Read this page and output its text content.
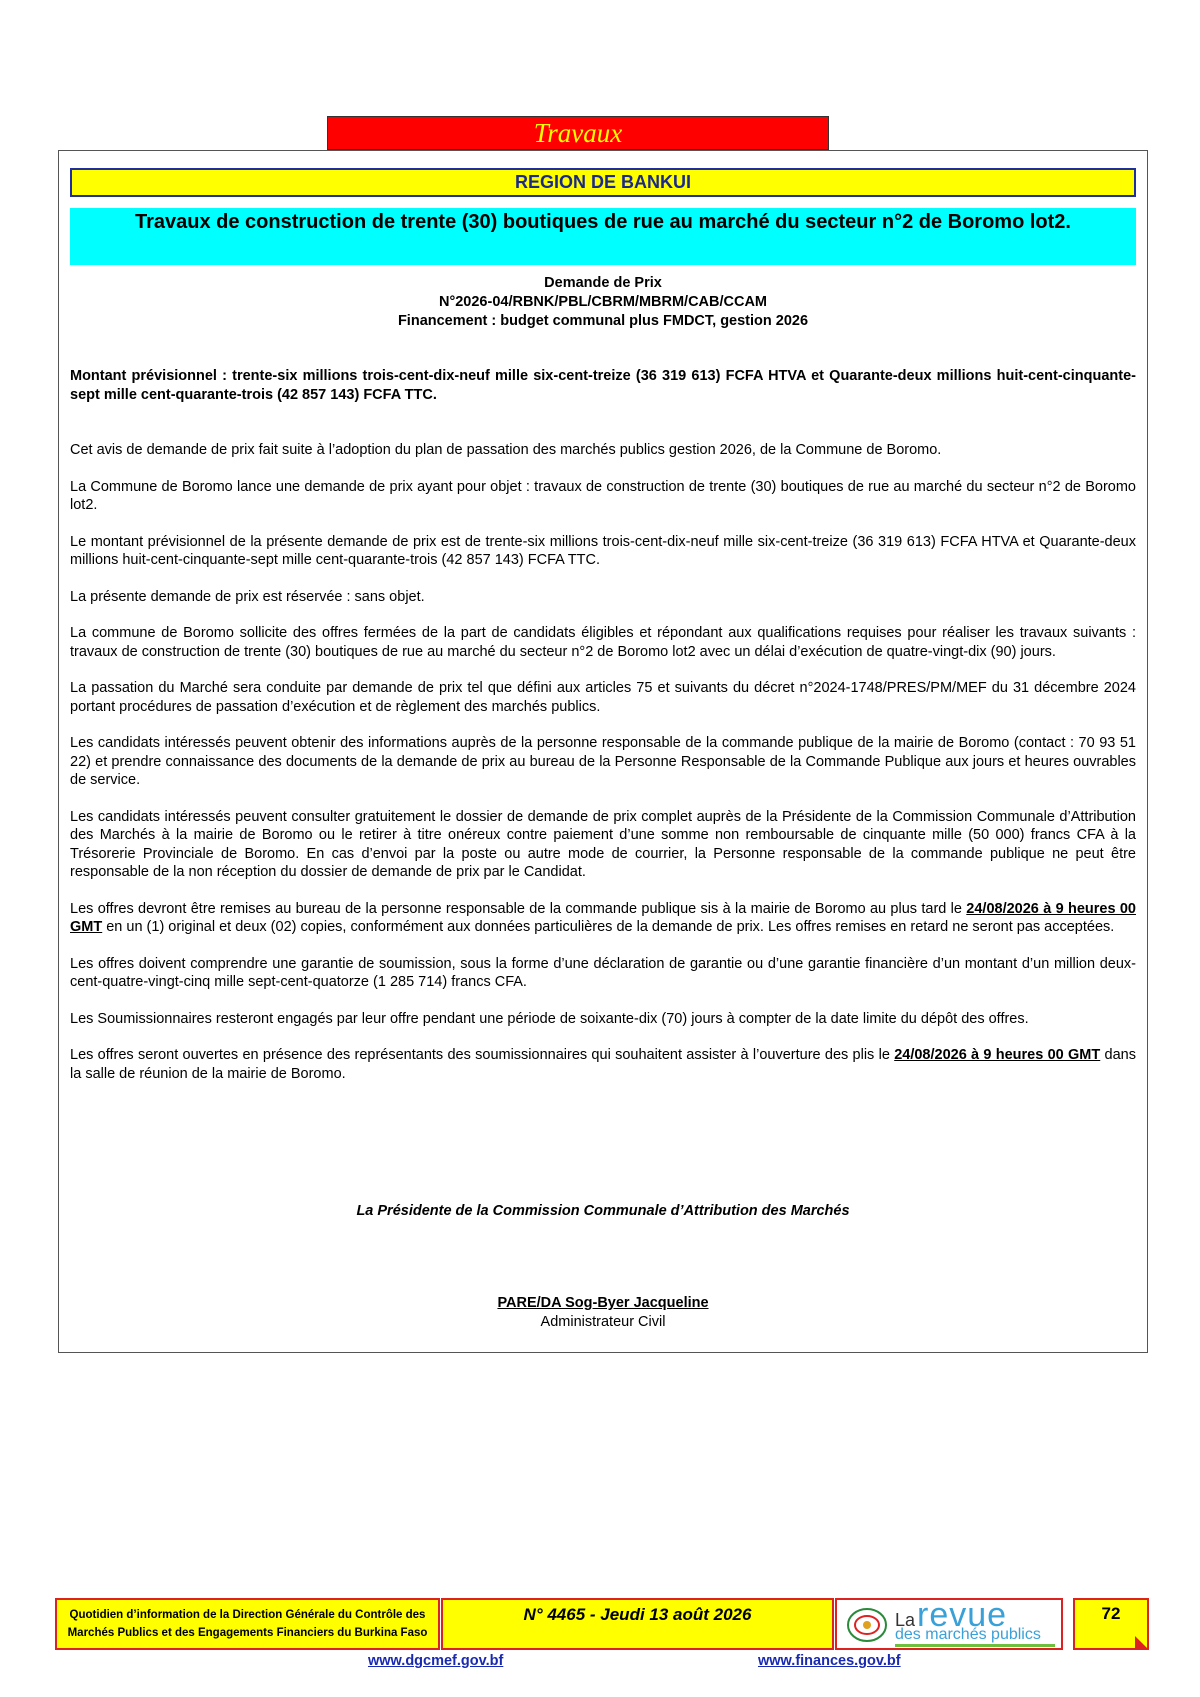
Travaux
REGION DE BANKUI
Travaux de construction de trente (30) boutiques de rue au marché du secteur n°2 de Boromo lot2.
Demande de Prix
N°2026-04/RBNK/PBL/CBRM/MBRM/CAB/CCAM
Financement : budget communal plus FMDCT, gestion 2026

Montant prévisionnel : trente-six millions trois-cent-dix-neuf mille six-cent-treize (36 319 613) FCFA HTVA et Quarante-deux millions huit-cent-cinquante-sept mille cent-quarante-trois (42 857 143) FCFA TTC.

Cet avis de demande de prix fait suite à l’adoption du plan de passation des marchés publics gestion 2026, de la Commune de Boromo.

La Commune de Boromo lance une demande de prix ayant pour objet : travaux de construction de trente (30) boutiques de rue au marché du secteur n°2 de Boromo lot2.

Le montant prévisionnel de la présente demande de prix est de trente-six millions trois-cent-dix-neuf mille six-cent-treize (36 319 613) FCFA HTVA et Quarante-deux millions huit-cent-cinquante-sept mille cent-quarante-trois (42 857 143) FCFA TTC.

La présente demande de prix est réservée : sans objet.

La commune de Boromo sollicite des offres fermées de la part de candidats éligibles et répondant aux qualifications requises pour réaliser les travaux suivants : travaux de construction de trente (30) boutiques de rue au marché du secteur n°2 de Boromo lot2 avec un délai d’exécution de quatre-vingt-dix (90) jours.

La passation du Marché sera conduite par demande de prix tel que défini aux articles 75 et suivants du décret n°2024-1748/PRES/PM/MEF du 31 décembre 2024 portant procédures de passation d’exécution et de règlement des marchés publics.

Les candidats intéressés peuvent obtenir des informations auprès de la personne responsable de la commande publique de la mairie de Boromo (contact : 70 93 51 22) et prendre connaissance des documents de la demande de prix au bureau de la Personne Responsable de la Commande Publique aux jours et heures ouvrables de service.

Les candidats intéressés peuvent consulter gratuitement le dossier de demande de prix complet auprès de la Présidente de la Commission Communale d’Attribution des Marchés à la mairie de Boromo ou le retirer à titre onéreux contre paiement d’une somme non remboursable de cinquante mille (50 000) francs CFA à la Trésorerie Provinciale de Boromo. En cas d’envoi par la poste ou autre mode de courrier, la Personne responsable de la commande publique ne peut être responsable de la non réception du dossier de demande de prix par le Candidat.

Les offres devront être remises au bureau de la personne responsable de la commande publique sis à la mairie de Boromo au plus tard le 24/08/2026 à 9 heures 00 GMT en un (1) original et deux (02) copies, conformément aux données particulières de la demande de prix. Les offres remises en retard ne seront pas acceptées.

Les offres doivent comprendre une garantie de soumission, sous la forme d’une déclaration de garantie ou d’une garantie financière d’un montant d’un million deux-cent-quatre-vingt-cinq mille sept-cent-quatorze (1 285 714) francs CFA.

Les Soumissionnaires resteront engagés par leur offre pendant une période de soixante-dix (70) jours à compter de la date limite du dépôt des offres.

Les offres seront ouvertes en présence des représentants des soumissionnaires qui souhaitent assister à l’ouverture des plis le 24/08/2026 à 9 heures 00 GMT dans la salle de réunion de la mairie de Boromo.

La Présidente de la Commission Communale d’Attribution des Marchés
PARE/DA Sog-Byer Jacqueline
Administrateur Civil
Quotidien d’information de la Direction Générale du Contrôle des
Marchés Publics et des Engagements Financiers du Burkina Faso
N° 4465 - Jeudi 13 août 2026	La revue
des marchés publics
72
www.dgcmef.gov.bf	www.finances.gov.bf
